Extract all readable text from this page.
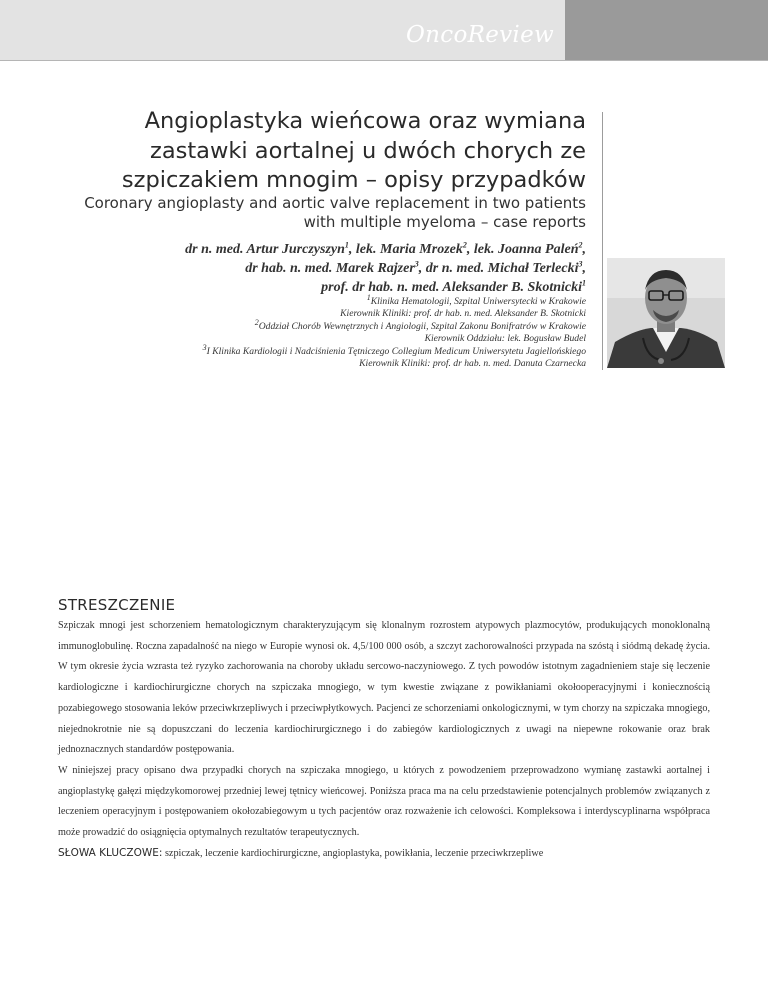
OncoReview
Angioplastyka wieńcowa oraz wymiana zastawki aortalnej u dwóch chorych ze szpiczakiem mnogim – opisy przypadków

Coronary angioplasty and aortic valve replacement in two patients with multiple myeloma – case reports

dr n. med. Artur Jurczyszyn$^1$, lek. Maria Mrozek$^2$, lek. Joanna Paleń$^2$,
dr hab. n. med. Marek Rajzer$^3$, dr n. med. Michał Terlecki$^3$,
prof. dr hab. n. med. Aleksander B. Skotnicki$^1$
$^1$Klinika Hematologii, Szpital Uniwersytecki w Krakowie
Kierownik Kliniki: prof. dr hab. n. med. Aleksander B. Skotnicki
$^2$Oddział Chorób Wewnętrznych i Angiologii, Szpital Zakonu Bonifratrów w Krakowie
Kierownik Oddziału: lek. Bogusław Budel
$^3$I Klinika Kardiologii i Nadciśnienia Tętniczego Collegium Medicum Uniwersytetu Jagiellońskiego
Kierownik Kliniki: prof. dr hab. n. med. Danuta Czarnecka
STRESZCZENIE

Szpiczak mnogi jest schorzeniem hematologicznym charakteryzującym się klonalnym rozrostem atypowych plazmocytów, produkujących monoklonalną immunoglobulinę. Roczna zapadalność na niego w Europie wynosi ok. 4,5/100 000 osób, a szczyt zachorowalności przypada na szóstą i siódmą dekadę życia. W tym okresie życia wzrasta też ryzyko zachorowania na choroby układu sercowo-naczyniowego. Z tych powodów istotnym zagadnieniem staje się leczenie kardiologiczne i kardiochirurgiczne chorych na szpiczaka mnogiego, w tym kwestie związane z powikłaniami okołooperacyjnymi i koniecznością pozabiegowego stosowania leków przeciwkrzepliwych i przeciwpłytkowych. Pacjenci ze schorzeniami onkologicznymi, w tym chorzy na szpiczaka mnogiego, niejednokrotnie nie są dopuszczani do leczenia kardiochirurgicznego i do zabiegów kardiologicznych z uwagi na niepewne rokowanie oraz brak jednoznacznych standardów postępowania.

W niniejszej pracy opisano dwa przypadki chorych na szpiczaka mnogiego, u których z powodzeniem przeprowadzono wymianę zastawki aortalnej i angioplastykę gałęzi międzykomorowej przedniej lewej tętnicy wieńcowej. Poniższa praca ma na celu przedstawienie potencjalnych problemów związanych z leczeniem operacyjnym i postępowaniem okołozabiegowym u tych pacjentów oraz rozważenie ich celowości. Kompleksowa i interdyscyplinarna współpraca może prowadzić do osiągnięcia optymalnych rezultatów terapeutycznych.

SŁOWA KLUCZOWE: szpiczak, leczenie kardiochirurgiczne, angioplastyka, powikłania, leczenie przeciwkrzepliwe
